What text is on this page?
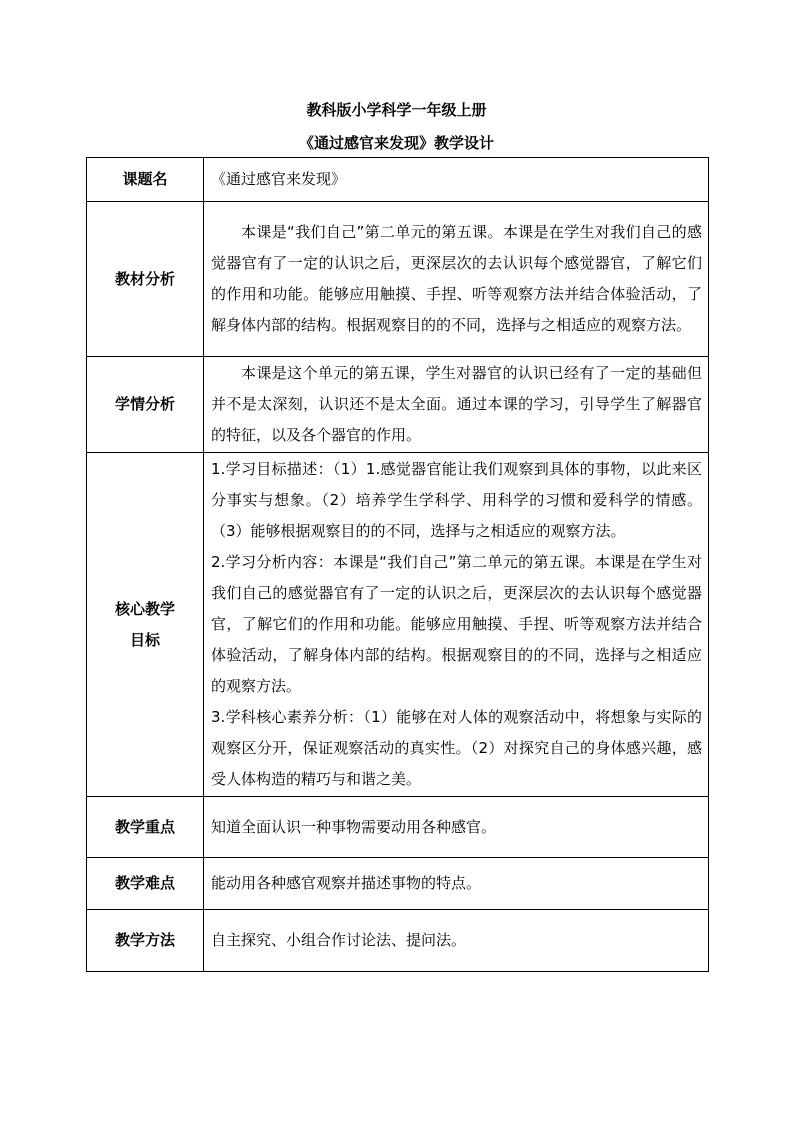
教科版小学科学一年级上册
《通过感官来发现》教学设计
课题名	《通过感官来发现》

教材分析	本课是“我们自己”第二单元的第五课。本课是在学生对我们自己的感觉器官有了一定的认识之后，更深层次的去认识每个感觉器官，了解它们的作用和功能。能够应用触摸、手捏、听等观察方法并结合体验活动，了解身体内部的结构。根据观察目的的不同，选择与之相适应的观察方法。

学情分析	本课是这个单元的第五课，学生对器官的认识已经有了一定的基础但并不是太深刻，认识还不是太全面。通过本课的学习，引导学生了解器官的特征，以及各个器官的作用。

核心教学
目标	1.学习目标描述：（1）1.感觉器官能让我们观察到具体的事物，以此来区分事实与想象。（2）培养学生学科学、用科学的习惯和爱科学的情感。（3）能够根据观察目的的不同，选择与之相适应的观察方法。
2.学习分析内容：本课是“我们自己”第二单元的第五课。本课是在学生对我们自己的感觉器官有了一定的认识之后，更深层次的去认识每个感觉器官，了解它们的作用和功能。能够应用触摸、手捏、听等观察方法并结合体验活动，了解身体内部的结构。根据观察目的的不同，选择与之相适应的观察方法。
3.学科核心素养分析：（1）能够在对人体的观察活动中，将想象与实际的观察区分开，保证观察活动的真实性。（2）对探究自己的身体感兴趣，感受人体构造的精巧与和谐之美。

教学重点	知道全面认识一种事物需要动用各种感官。

教学难点	能动用各种感官观察并描述事物的特点。

教学方法	自主探究、小组合作讨论法、提问法。
